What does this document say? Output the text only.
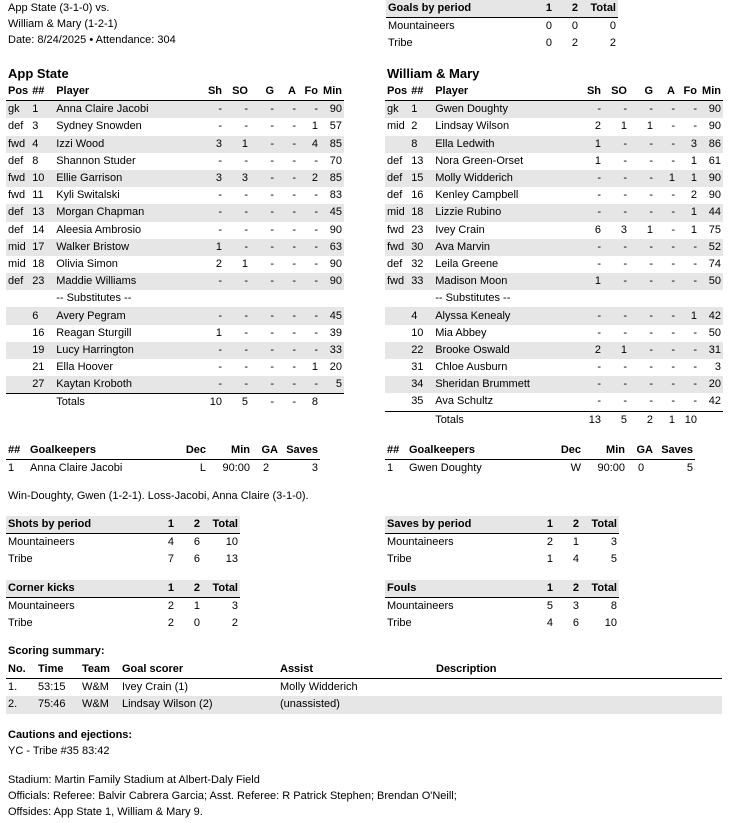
App State (3-1-0) vs.
William & Mary (1-2-1)
Date: 8/24/2025 • Attendance: 304
Goals by period	1	2	Total
Mountaineers	0	0	0
Tribe	0	2	2
App State	William & Mary
Pos	##	Player	Sh	SO	G	A	Fo	Min
gk	1	Anna Claire Jacobi	-	-	-	-	-	90
def	3	Sydney Snowden	-	-	-	-	1	57
fwd	4	Izzi Wood	3	1	-	-	4	85
def	8	Shannon Studer	-	-	-	-	-	70
fwd	10	Ellie Garrison	3	3	-	-	2	85
fwd	11	Kyli Switalski	-	-	-	-	-	83
def	13	Morgan Chapman	-	-	-	-	-	45
def	14	Aleesia Ambrosio	-	-	-	-	-	90
mid	17	Walker Bristow	1	-	-	-	-	63
mid	18	Olivia Simon	2	1	-	-	-	90
def	23	Maddie Williams	-	-	-	-	-	90
		-- Substitutes --						
	6	Avery Pegram	-	-	-	-	-	45
	16	Reagan Sturgill	1	-	-	-	-	39
	19	Lucy Harrington	-	-	-	-	-	33
	21	Ella Hoover	-	-	-	-	1	20
	27	Kaytan Kroboth	-	-	-	-	-	5
		Totals	10	5	-	-	8	
Pos	##	Player	Sh	SO	G	A	Fo	Min
gk	1	Gwen Doughty	-	-	-	-	-	90
mid	2	Lindsay Wilson	2	1	1	-	-	90
	8	Ella Ledwith	1	-	-	-	3	86
def	13	Nora Green-Orset	1	-	-	-	1	61
def	15	Molly Widderich	-	-	-	1	1	90
def	16	Kenley Campbell	-	-	-	-	2	90
mid	18	Lizzie Rubino	-	-	-	-	1	44
fwd	23	Ivey Crain	6	3	1	-	1	75
fwd	30	Ava Marvin	-	-	-	-	-	52
def	32	Leila Greene	-	-	-	-	-	74
fwd	33	Madison Moon	1	-	-	-	-	50
		-- Substitutes --						
	4	Alyssa Kenealy	-	-	-	-	1	42
	10	Mia Abbey	-	-	-	-	-	50
	22	Brooke Oswald	2	1	-	-	-	31
	31	Chloe Ausburn	-	-	-	-	-	3
	34	Sheridan Brummett	-	-	-	-	-	20
	35	Ava Schultz	-	-	-	-	-	42
		Totals	13	5	2	1	10	
##	Goalkeepers	Dec	Min	GA	Saves
1	Anna Claire Jacobi	L	90:00	2	3
##	Goalkeepers	Dec	Min	GA	Saves
1	Gwen Doughty	W	90:00	0	5
Win-Doughty, Gwen (1-2-1). Loss-Jacobi, Anna Claire (3-1-0).
Shots by period	1	2	Total
Mountaineers	4	6	10
Tribe	7	6	13
Saves by period	1	2	Total
Mountaineers	2	1	3
Tribe	1	4	5
Corner kicks	1	2	Total
Mountaineers	2	1	3
Tribe	2	0	2
Fouls	1	2	Total
Mountaineers	5	3	8
Tribe	4	6	10
Scoring summary:
No.	Time	Team	Goal scorer	Assist	Description
1.	53:15	W&M	Ivey Crain (1)	Molly Widderich	
2.	75:46	W&M	Lindsay Wilson (2)	(unassisted)	
Cautions and ejections:
YC - Tribe #35 83:42
Stadium: Martin Family Stadium at Albert-Daly Field
Officials: Referee: Balvir Cabrera Garcia; Asst. Referee: R Patrick Stephen; Brendan O'Neill;
Offsides: App State 1, William & Mary 9.
